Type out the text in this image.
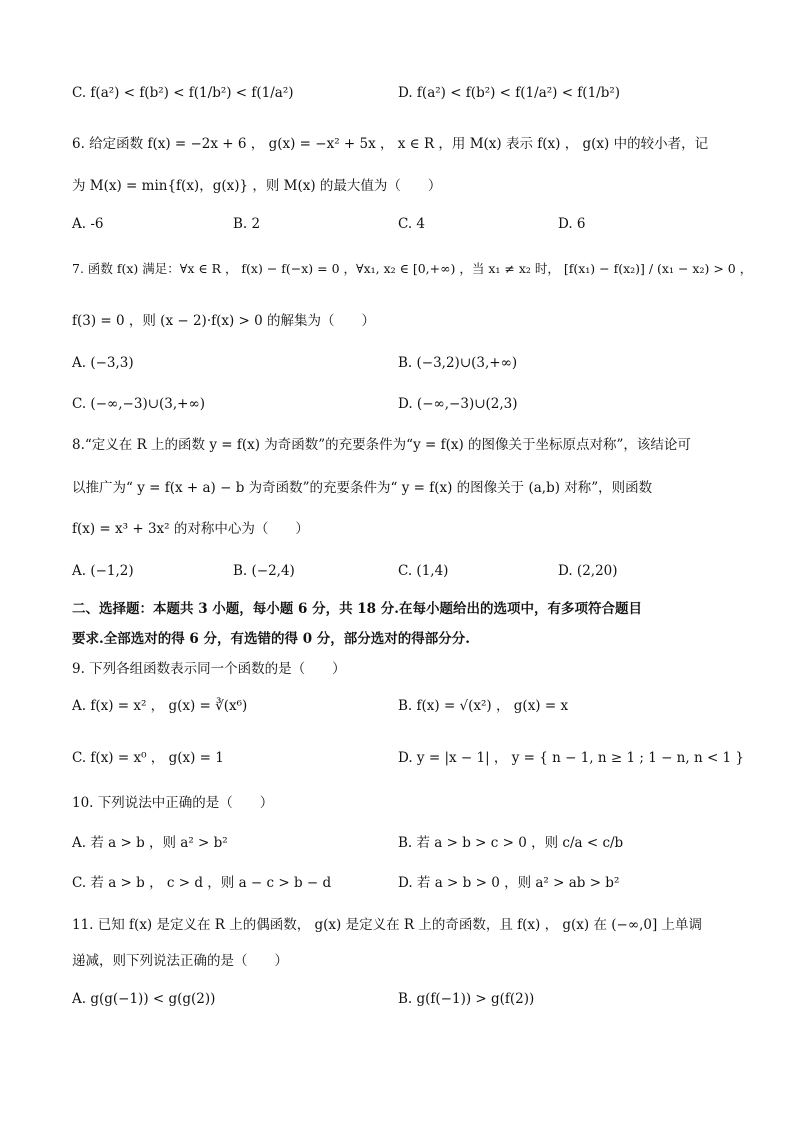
C. f(a²) < f(b²) < f(1/b²) < f(1/a²)	D. f(a²) < f(b²) < f(1/a²) < f(1/b²)
6. 给定函数 f(x) = −2x + 6 ， g(x) = −x² + 5x ， x ∈ R ，用 M(x) 表示 f(x) ， g(x) 中的较小者，记
为 M(x) = min{f(x)，g(x)} ，则 M(x) 的最大值为（　　）
A. -6	B. 2	C. 4	D. 6
7. 函数 f(x) 满足：∀x ∈ R ， f(x) − f(−x) = 0 ，∀x₁, x₂ ∈ [0,+∞) ，当 x₁ ≠ x₂ 时， [f(x₁) − f(x₂)] / (x₁ − x₂) > 0 ，
f(3) = 0 ，则 (x − 2)·f(x) > 0 的解集为（　　）
A. (−3,3)	B. (−3,2)∪(3,+∞)
C. (−∞,−3)∪(3,+∞)	D. (−∞,−3)∪(2,3)
8.“定义在 R 上的函数 y = f(x) 为奇函数”的充要条件为“y = f(x) 的图像关于坐标原点对称”，该结论可
以推广为“ y = f(x + a) − b 为奇函数”的充要条件为“ y = f(x) 的图像关于 (a,b) 对称”，则函数
f(x) = x³ + 3x² 的对称中心为（　　）
A. (−1,2)	B. (−2,4)	C. (1,4)	D. (2,20)
二、选择题：本题共 3 小题，每小题 6 分，共 18 分.在每小题给出的选项中，有多项符合题目
要求.全部选对的得 6 分，有选错的得 0 分，部分选对的得部分分.
9. 下列各组函数表示同一个函数的是（　　）
A. f(x) = x² ， g(x) = ∛(x⁶)	B. f(x) = √(x²) ， g(x) = x
C. f(x) = x⁰ ， g(x) = 1	D. y = |x − 1| ， y = { n − 1, n ≥ 1 ; 1 − n, n < 1 }
10. 下列说法中正确的是（　　）
A. 若 a > b ，则 a² > b²	B. 若 a > b > c > 0 ，则 c/a < c/b
C. 若 a > b ， c > d ，则 a − c > b − d	D. 若 a > b > 0 ，则 a² > ab > b²
11. 已知 f(x) 是定义在 R 上的偶函数， g(x) 是定义在 R 上的奇函数，且 f(x) ， g(x) 在 (−∞,0] 上单调
递减，则下列说法正确的是（　　）
A. g(g(−1)) < g(g(2))	B. g(f(−1)) > g(f(2))
